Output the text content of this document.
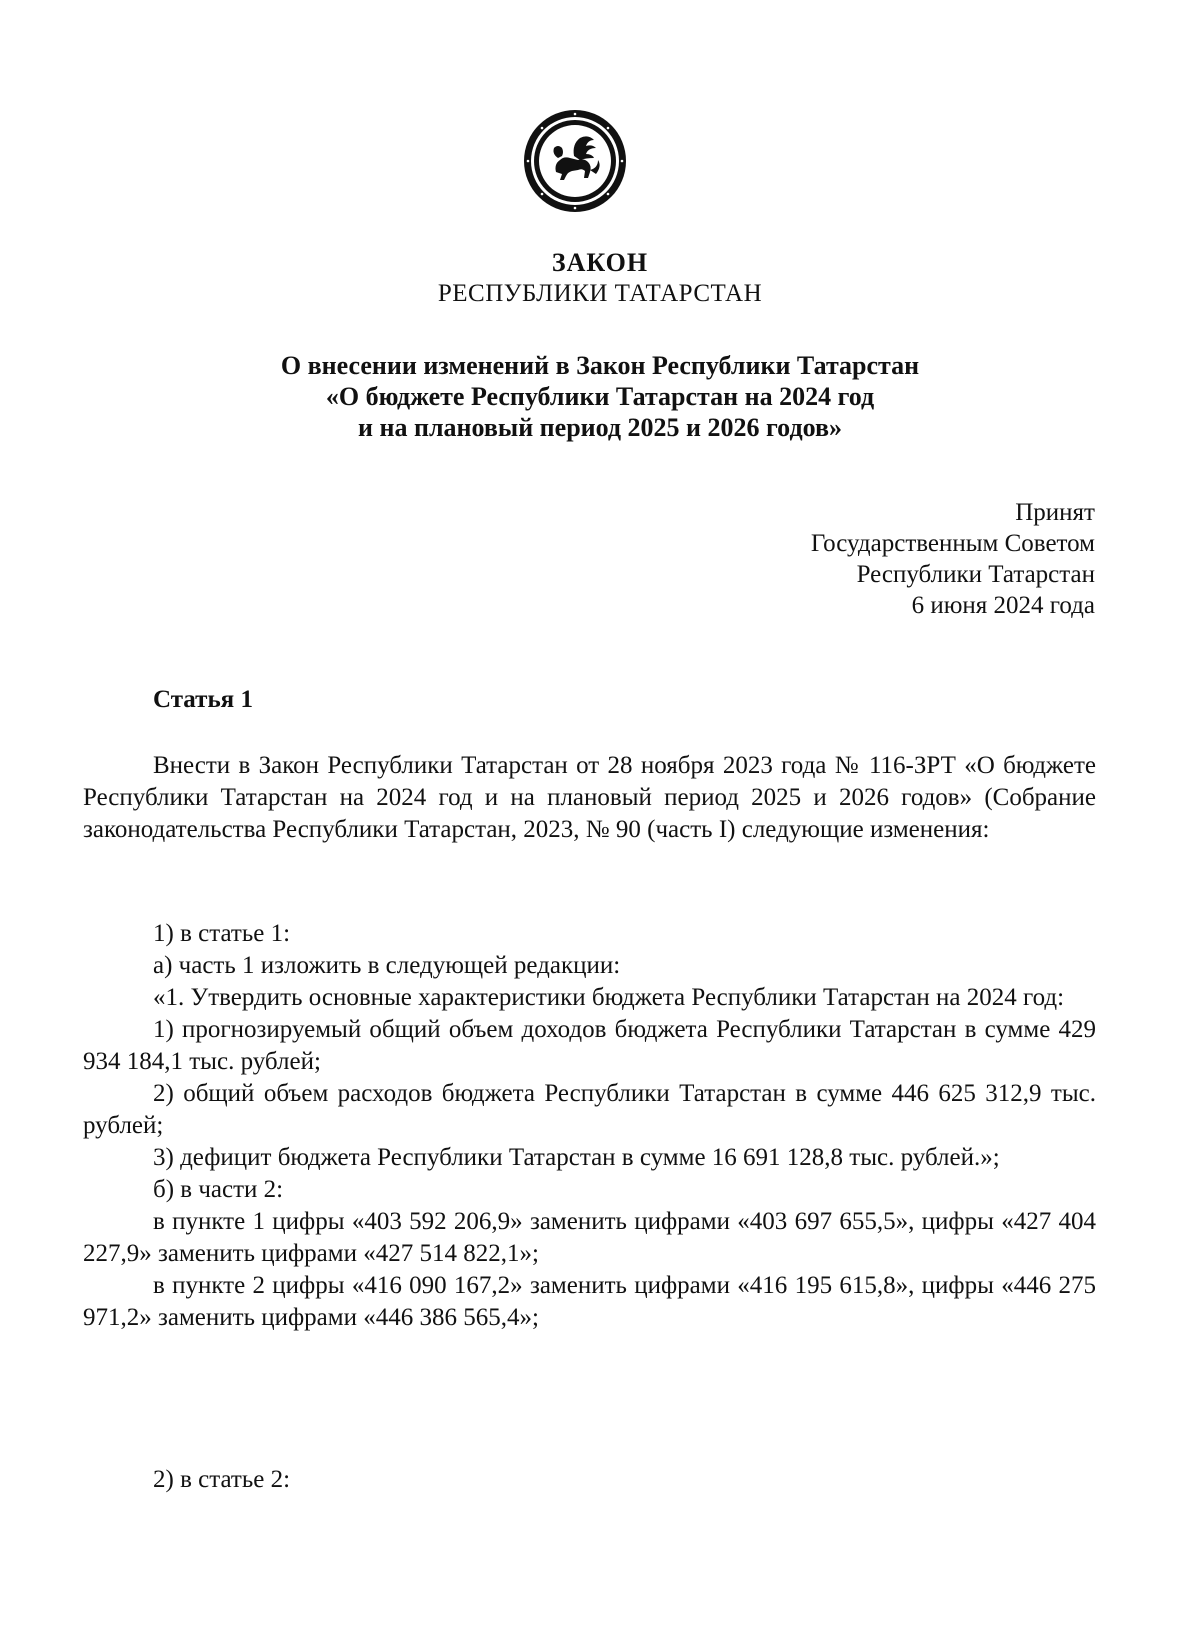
ЗАКОН
РЕСПУБЛИКИ ТАТАРСТАН
О внесении изменений в Закон Республики Татарстан
«О бюджете Республики Татарстан на 2024 год
и на плановый период 2025 и 2026 годов»
Принят
Государственным Советом
Республики Татарстан
6 июня 2024 года
Статья 1
Внести в Закон Республики Татарстан от 28 ноября 2023 года № 116-ЗРТ «О бюджете Республики Татарстан на 2024 год и на плановый период 2025 и 2026 годов» (Собрание законодательства Республики Татарстан, 2023, № 90 (часть I) следующие изменения:
1) в статье 1:
а) часть 1 изложить в следующей редакции:
«1. Утвердить основные характеристики бюджета Республики Татарстан на 2024 год:
1) прогнозируемый общий объем доходов бюджета Республики Татарстан в сумме 429 934 184,1 тыс. рублей;
2) общий объем расходов бюджета Республики Татарстан в сумме 446 625 312,9 тыс. рублей;
3) дефицит бюджета Республики Татарстан в сумме 16 691 128,8 тыс. рублей.»;
б) в части 2:
в пункте 1 цифры «403 592 206,9» заменить цифрами «403 697 655,5», цифры «427 404 227,9» заменить цифрами «427 514 822,1»;
в пункте 2 цифры «416 090 167,2» заменить цифрами «416 195 615,8», цифры «446 275 971,2» заменить цифрами «446 386 565,4»;
2) в статье 2:
